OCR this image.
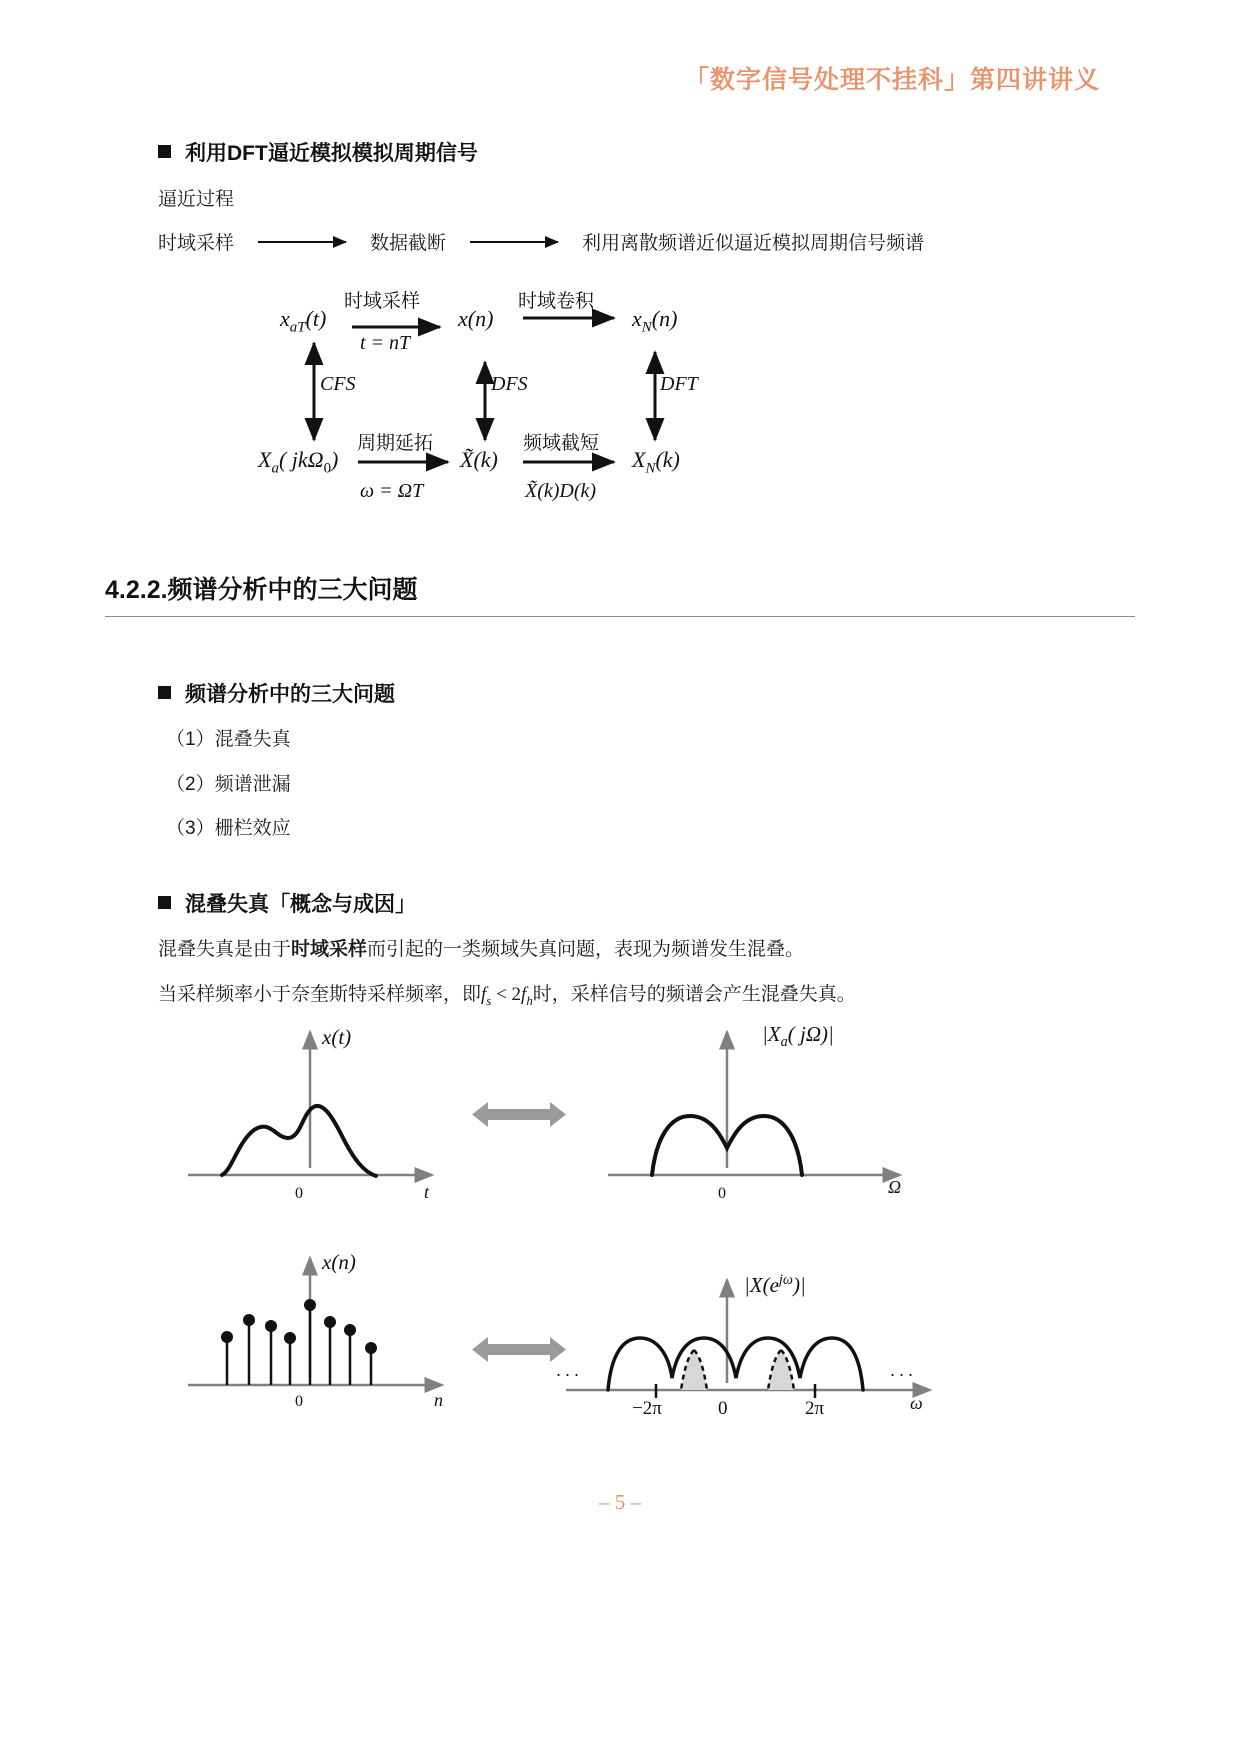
「数字信号处理不挂科」第四讲讲义
利用DFT逼近模拟模拟周期信号
逼近过程
时域采样	数据截断	利用离散频谱近似逼近模拟周期信号频谱
$x_{aT}(t)$	x(n)	$x_N(n)$
$X_a$( jkΩ$_0$)	X̃(k)	$X_N(k)$
时域采样
t = nT
时域卷积
CFS	DFS	DFT
周期延拓
ω = ΩT
频域截短
X̃(k)D(k)
4.2.2.频谱分析中的三大问题
频谱分析中的三大问题
（1）混叠失真
（2）频谱泄漏
（3）栅栏效应
混叠失真「概念与成因」
混叠失真是由于时域采样而引起的一类频域失真问题，表现为频谱发生混叠。
当采样频率小于奈奎斯特采样频率，即$f_s < 2f_h$时，采样信号的频谱会产生混叠失真。
x(t)
0	t
$|X_a$( jΩ)|
0	Ω
x(n)
0	n
$|X(e^{j\omega})|$
· · ·	· · ·
−2π	0	2π	ω
– 5 –
